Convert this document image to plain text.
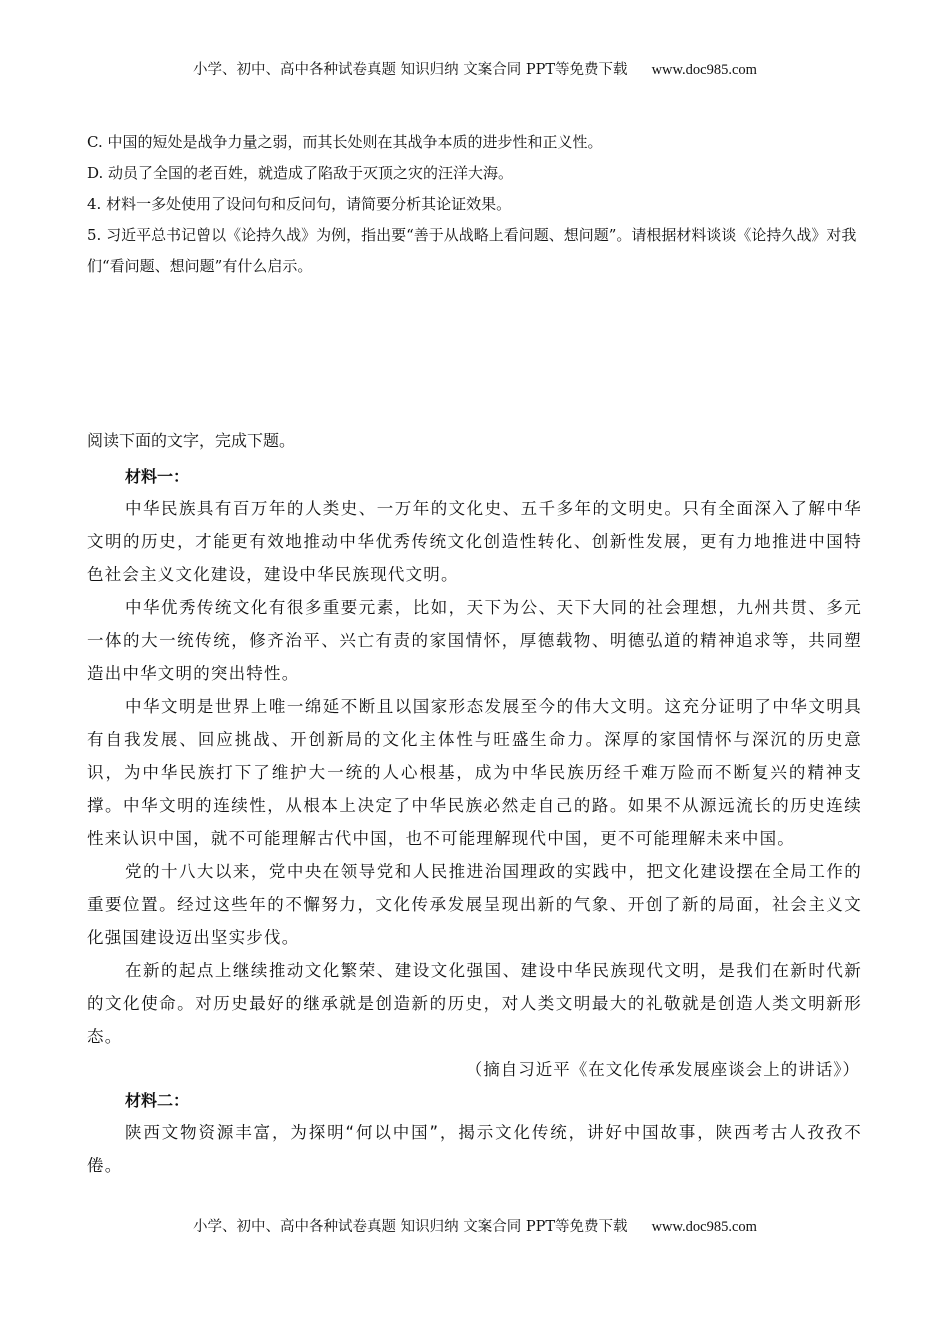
小学、初中、高中各种试卷真题 知识归纳 文案合同 PPT等免费下载 www.doc985.com

C. 中国的短处是战争力量之弱，而其长处则在其战争本质的进步性和正义性。

D. 动员了全国的老百姓，就造成了陷敌于灭顶之灾的汪洋大海。

4. 材料一多处使用了设问句和反问句，请简要分析其论证效果。

5. 习近平总书记曾以《论持久战》为例，指出要“善于从战略上看问题、想问题”。请根据材料谈谈《论持久战》对我们“看问题、想问题”有什么启示。

阅读下面的文字，完成下题。

材料一：

中华民族具有百万年的人类史、一万年的文化史、五千多年的文明史。只有全面深入了解中华文明的历史，才能更有效地推动中华优秀传统文化创造性转化、创新性发展，更有力地推进中国特色社会主义文化建设，建设中华民族现代文明。

中华优秀传统文化有很多重要元素，比如，天下为公、天下大同的社会理想，九州共贯、多元一体的大一统传统，修齐治平、兴亡有责的家国情怀，厚德载物、明德弘道的精神追求等，共同塑造出中华文明的突出特性。

中华文明是世界上唯一绵延不断且以国家形态发展至今的伟大文明。这充分证明了中华文明具有自我发展、回应挑战、开创新局的文化主体性与旺盛生命力。深厚的家国情怀与深沉的历史意识，为中华民族打下了维护大一统的人心根基，成为中华民族历经千难万险而不断复兴的精神支撑。中华文明的连续性，从根本上决定了中华民族必然走自己的路。如果不从源远流长的历史连续性来认识中国，就不可能理解古代中国，也不可能理解现代中国，更不可能理解未来中国。

党的十八大以来，党中央在领导党和人民推进治国理政的实践中，把文化建设摆在全局工作的重要位置。经过这些年的不懈努力，文化传承发展呈现出新的气象、开创了新的局面，社会主义文化强国建设迈出坚实步伐。

在新的起点上继续推动文化繁荣、建设文化强国、建设中华民族现代文明，是我们在新时代新的文化使命。对历史最好的继承就是创造新的历史，对人类文明最大的礼敬就是创造人类文明新形态。

（摘自习近平《在文化传承发展座谈会上的讲话》）

材料二：

陕西文物资源丰富，为探明“何以中国”，揭示文化传统，讲好中国故事，陕西考古人孜孜不倦。

小学、初中、高中各种试卷真题 知识归纳 文案合同 PPT等免费下载 www.doc985.com
